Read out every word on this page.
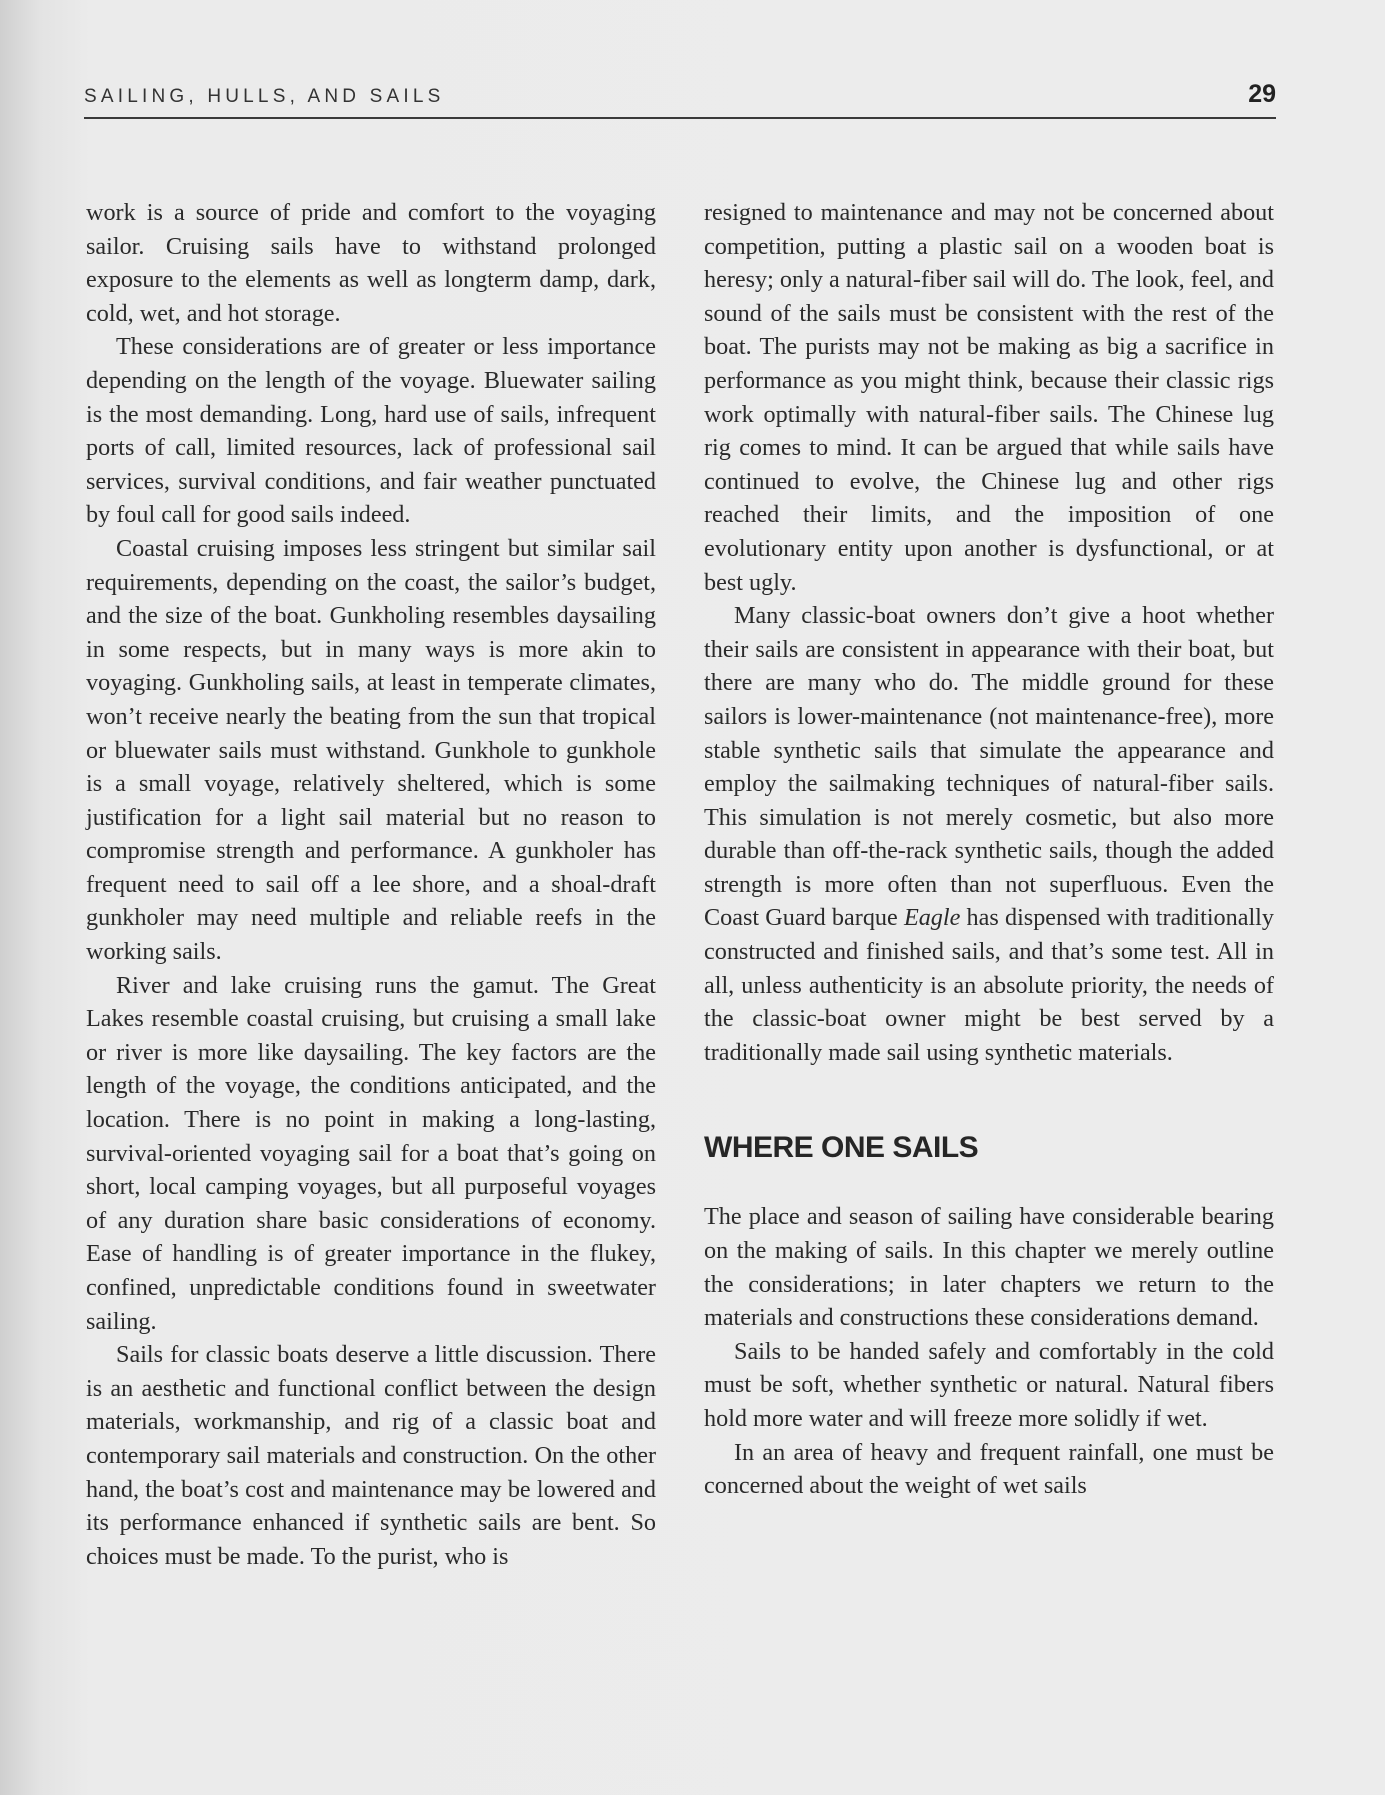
SAILING, HULLS, AND SAILS	29

work is a source of pride and comfort to the voyaging sailor. Cruising sails have to withstand prolonged exposure to the elements as well as longterm damp, dark, cold, wet, and hot storage.

These considerations are of greater or less importance depending on the length of the voyage. Bluewater sailing is the most demanding. Long, hard use of sails, infrequent ports of call, limited resources, lack of professional sail services, survival conditions, and fair weather punctuated by foul call for good sails indeed.

Coastal cruising imposes less stringent but similar sail requirements, depending on the coast, the sailor’s budget, and the size of the boat. Gunkholing resembles daysailing in some respects, but in many ways is more akin to voyaging. Gunkholing sails, at least in temperate climates, won’t receive nearly the beating from the sun that tropical or bluewater sails must withstand. Gunkhole to gunkhole is a small voyage, relatively sheltered, which is some justification for a light sail material but no reason to compromise strength and performance. A gunkholer has frequent need to sail off a lee shore, and a shoal-draft gunkholer may need multiple and reliable reefs in the working sails.

River and lake cruising runs the gamut. The Great Lakes resemble coastal cruising, but cruising a small lake or river is more like daysailing. The key factors are the length of the voyage, the conditions anticipated, and the location. There is no point in making a long-lasting, survival-oriented voyaging sail for a boat that’s going on short, local camping voyages, but all purposeful voyages of any duration share basic considerations of economy. Ease of handling is of greater importance in the flukey, confined, unpredictable conditions found in sweetwater sailing.

Sails for classic boats deserve a little discussion. There is an aesthetic and functional conflict between the design materials, workmanship, and rig of a classic boat and contemporary sail materials and construction. On the other hand, the boat’s cost and maintenance may be lowered and its performance enhanced if synthetic sails are bent. So choices must be made. To the purist, who is

resigned to maintenance and may not be concerned about competition, putting a plastic sail on a wooden boat is heresy; only a natural-fiber sail will do. The look, feel, and sound of the sails must be consistent with the rest of the boat. The purists may not be making as big a sacrifice in performance as you might think, because their classic rigs work optimally with natural-fiber sails. The Chinese lug rig comes to mind. It can be argued that while sails have continued to evolve, the Chinese lug and other rigs reached their limits, and the imposition of one evolutionary entity upon another is dysfunctional, or at best ugly.

Many classic-boat owners don’t give a hoot whether their sails are consistent in appearance with their boat, but there are many who do. The middle ground for these sailors is lower-maintenance (not maintenance-free), more stable synthetic sails that simulate the appearance and employ the sailmaking techniques of natural-fiber sails. This simulation is not merely cosmetic, but also more durable than off-the-rack synthetic sails, though the added strength is more often than not superfluous. Even the Coast Guard barque Eagle has dispensed with traditionally constructed and finished sails, and that’s some test. All in all, unless authenticity is an absolute priority, the needs of the classic-boat owner might be best served by a traditionally made sail using synthetic materials.

WHERE ONE SAILS

The place and season of sailing have considerable bearing on the making of sails. In this chapter we merely outline the considerations; in later chapters we return to the materials and constructions these considerations demand.

Sails to be handed safely and comfortably in the cold must be soft, whether synthetic or natural. Natural fibers hold more water and will freeze more solidly if wet.

In an area of heavy and frequent rainfall, one must be concerned about the weight of wet sails
